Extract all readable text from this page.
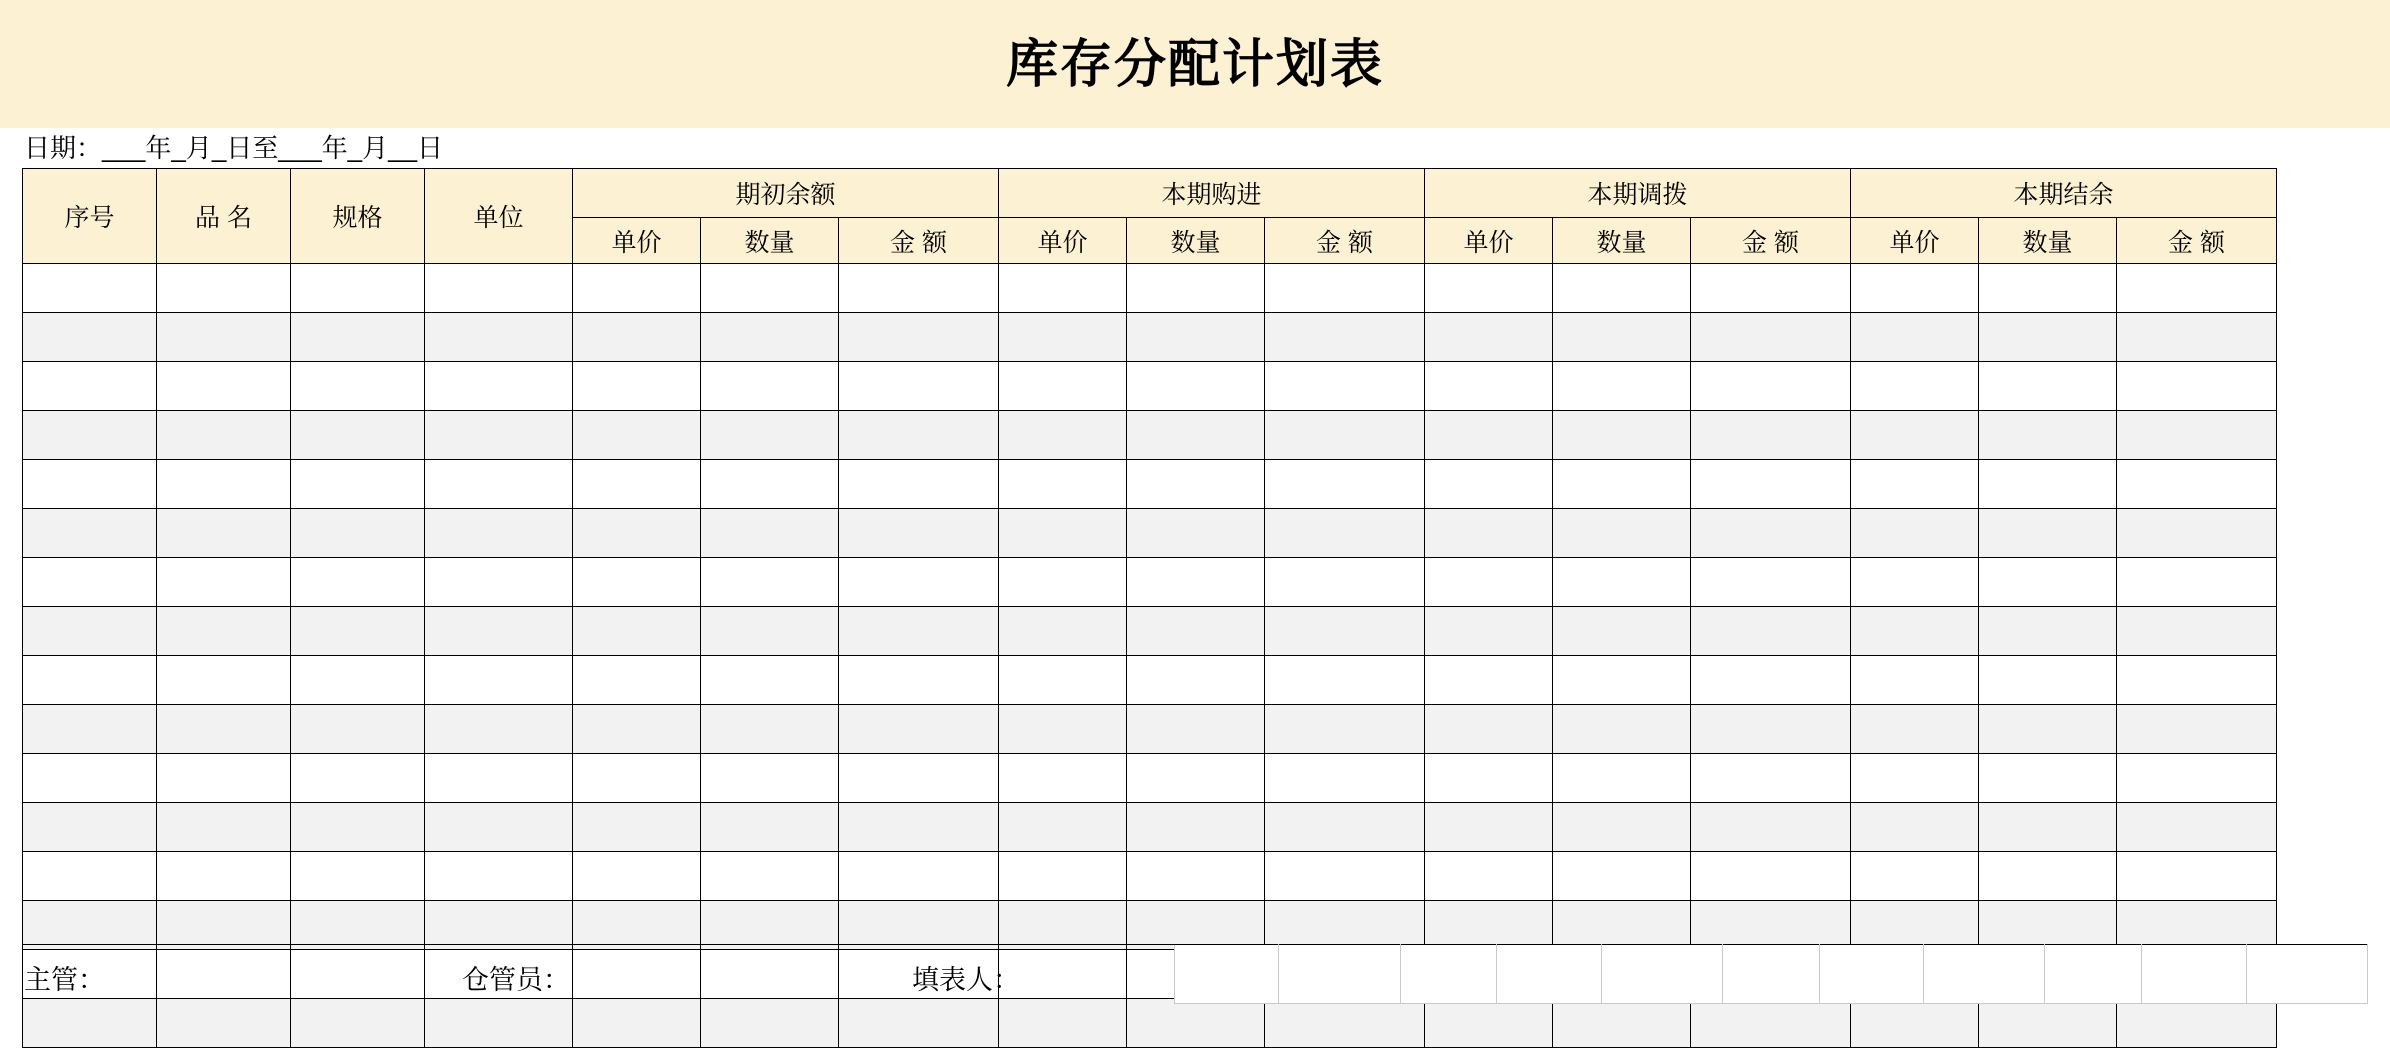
库存分配计划表
日期：___年_月_日至___年_月__日
序号	品 名	规格	单位	期初余额			本期购进			本期调拨			本期结余		
				单价	数量	金 额	单价	数量	金 额	单价	数量	金 额	单价	数量	金 额

主管：	仓管员：	填表人：
